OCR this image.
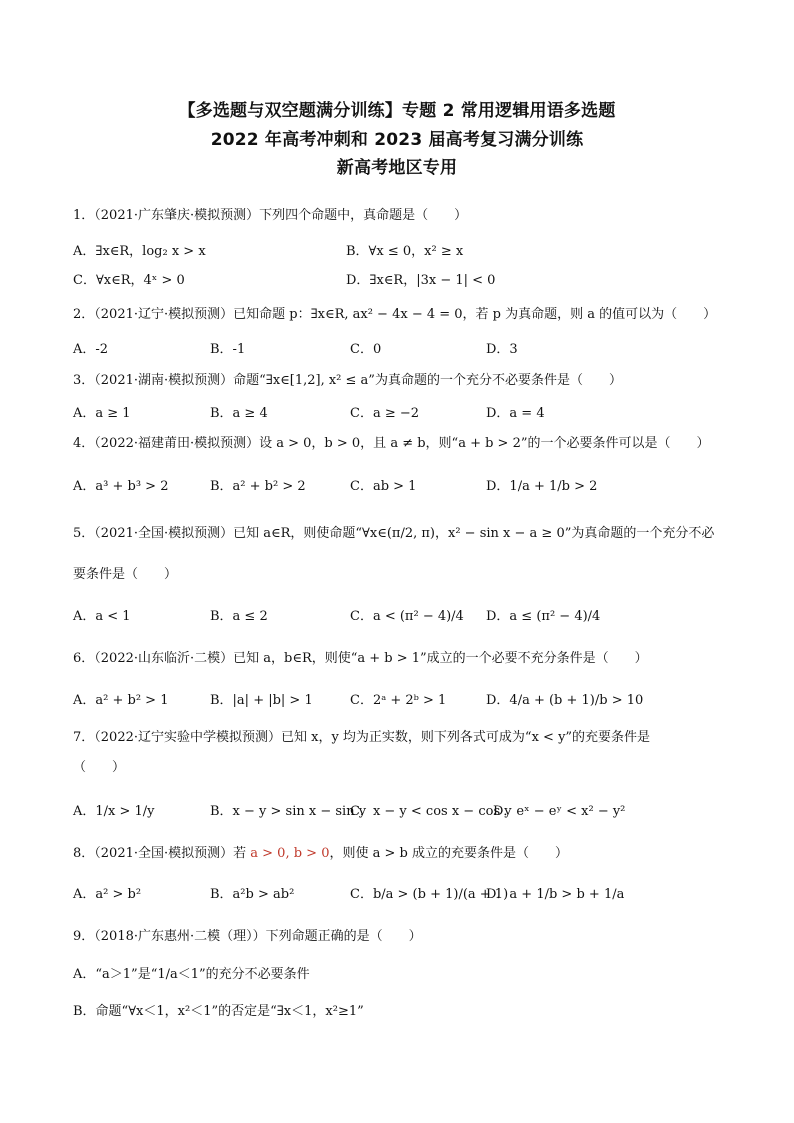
【多选题与双空题满分训练】专题 2 常用逻辑用语多选题
2022 年高考冲刺和 2023 届高考复习满分训练
新高考地区专用
1．（2021·广东肇庆·模拟预测）下列四个命题中，真命题是（　　）
A．∃x∈R，log₂ x > x	B．∀x ≤ 0，x² ≥ x
C．∀x∈R，4ˣ > 0	D．∃x∈R，|3x − 1| < 0
2．（2021·辽宁·模拟预测）已知命题 p：∃x∈R, ax² − 4x − 4 = 0，若 p 为真命题，则 a 的值可以为（　　）
A．-2	B．-1	C．0	D．3
3．（2021·湖南·模拟预测）命题“∃x∈[1,2], x² ≤ a”为真命题的一个充分不必要条件是（　　）
A．a ≥ 1	B．a ≥ 4	C．a ≥ −2	D．a = 4
4．（2022·福建莆田·模拟预测）设 a > 0，b > 0，且 a ≠ b，则“a + b > 2”的一个必要条件可以是（　　）
A．a³ + b³ > 2	B．a² + b² > 2	C．ab > 1	D．1/a + 1/b > 2
5．（2021·全国·模拟预测）已知 a∈R，则使命题“∀x∈(π/2, π)，x² − sin x − a ≥ 0”为真命题的一个充分不必
要条件是（　　）
A．a < 1	B．a ≤ 2	C．a < (π² − 4)/4 D．a ≤ (π² − 4)/4
6．（2022·山东临沂·二模）已知 a，b∈R，则使“a + b > 1”成立的一个必要不充分条件是（　　）
A．a² + b² > 1	B．|a| + |b| > 1	C．2ᵃ + 2ᵇ > 1	D．4/a + (b + 1)/b > 10
7．（2022·辽宁实验中学模拟预测）已知 x，y 均为正实数，则下列各式可成为“x < y”的充要条件是
（　　）
A．1/x > 1/y	B．x − y > sin x − sin y
C．x − y < cos x − cos y
D．eˣ − eʸ < x² − y²
8．（2021·全国·模拟预测）若 a > 0, b > 0，则使 a > b 成立的充要条件是（　　）
A．a² > b²	B．a²b > ab²	C．b/a > (b + 1)/(a + 1)
D．a + 1/b > b + 1/a
9．（2018·广东惠州·二模（理））下列命题正确的是（　　）
A．“a＞1”是“1/a＜1”的充分不必要条件
B．命题“∀x＜1，x²＜1”的否定是“∃x＜1，x²≥1”
